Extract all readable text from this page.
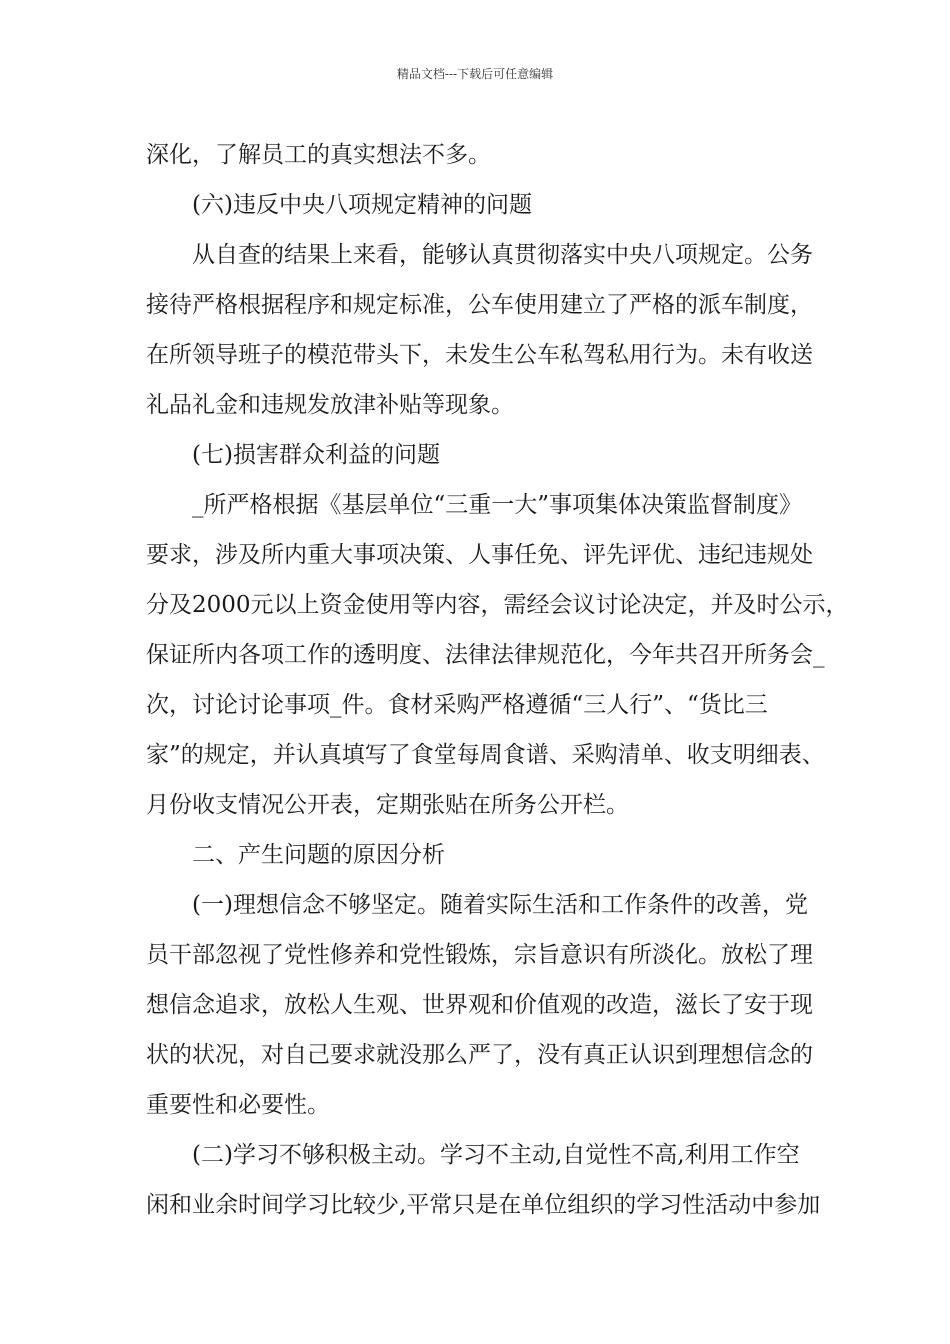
精品文档---下载后可任意编辑
深化，了解员工的真实想法不多。
(六)违反中央八项规定精神的问题
从自查的结果上来看，能够认真贯彻落实中央八项规定。公务
接待严格根据程序和规定标准，公车使用建立了严格的派车制度，
在所领导班子的模范带头下，未发生公车私驾私用行为。未有收送
礼品礼金和违规发放津补贴等现象。
(七)损害群众利益的问题
_所严格根据《基层单位“三重一大”事项集体决策监督制度》
要求，涉及所内重大事项决策、人事任免、评先评优、违纪违规处
分及2000元以上资金使用等内容，需经会议讨论决定，并及时公示，
保证所内各项工作的透明度、法律法律规范化，今年共召开所务会_
次，讨论讨论事项_件。食材采购严格遵循“三人行”、“货比三
家”的规定，并认真填写了食堂每周食谱、采购清单、收支明细表、
月份收支情况公开表，定期张贴在所务公开栏。
二、产生问题的原因分析
(一)理想信念不够坚定。随着实际生活和工作条件的改善，党
员干部忽视了党性修养和党性锻炼，宗旨意识有所淡化。放松了理
想信念追求，放松人生观、世界观和价值观的改造，滋长了安于现
状的状况，对自己要求就没那么严了，没有真正认识到理想信念的
重要性和必要性。
(二)学习不够积极主动。学习不主动,自觉性不高,利用工作空
闲和业余时间学习比较少,平常只是在单位组织的学习性活动中参加
